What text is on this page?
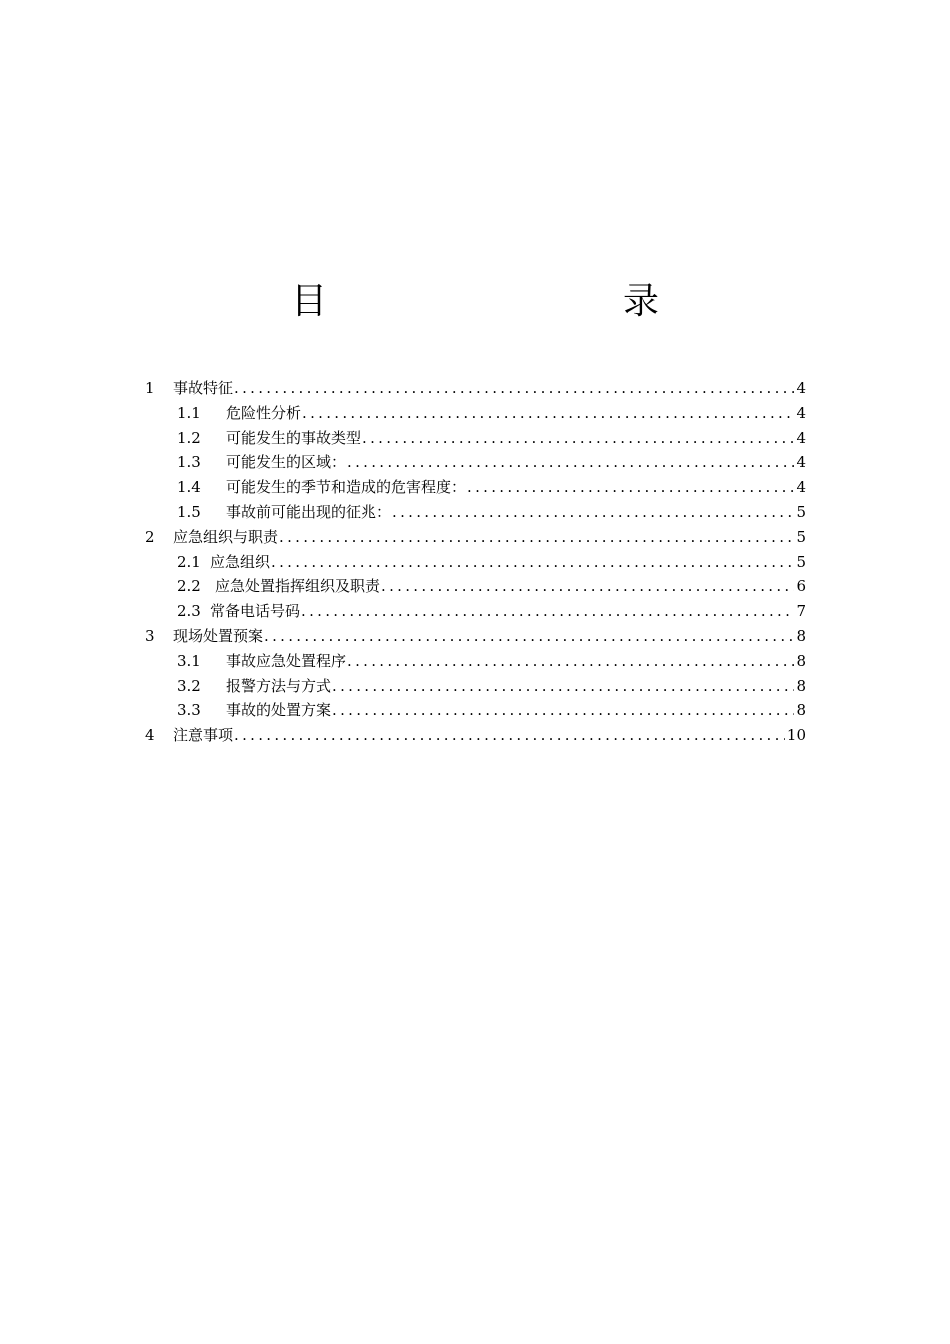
目　录
1	事故特征 .....	4
1.1	危险性分析 .....	4
1.2	可能发生的事故类型 .....	4
1.3	可能发生的区域： .....	4
1.4	可能发生的季节和造成的危害程度： .....	4
1.5	事故前可能出现的征兆： .....	5
2	应急组织与职责 .....	5
2.1 应急组织 .....	5
2.2 应急处置指挥组织及职责 .....	6
2.3 常备电话号码 .....	7
3	现场处置预案 .....	8
3.1	事故应急处置程序 .....	8
3.2	报警方法与方式 .....	8
3.3	事故的处置方案 .....	8
4	注意事项 .....	10
